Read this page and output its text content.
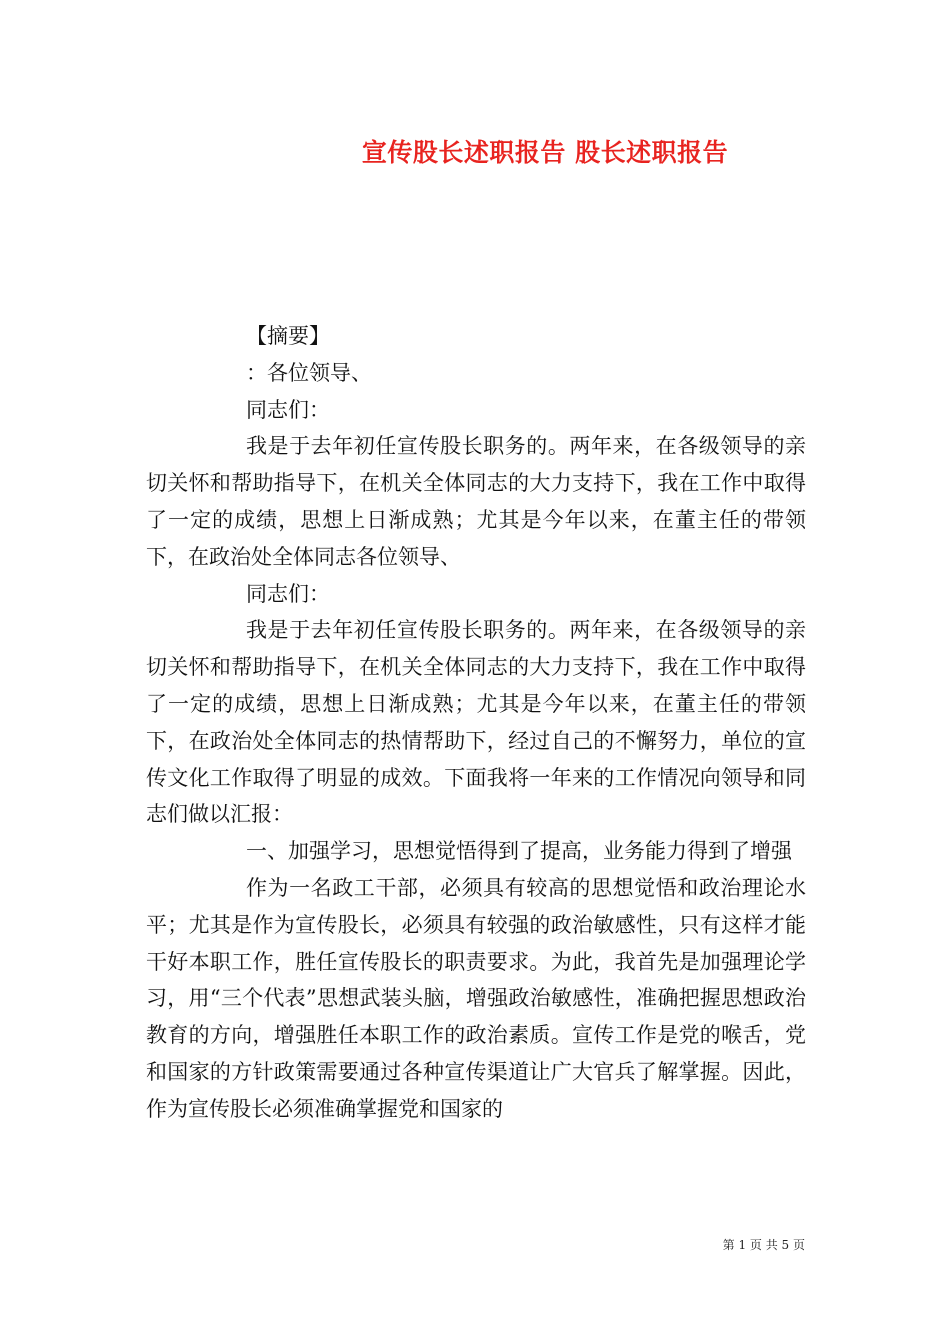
宣传股长述职报告 股长述职报告

【摘要】

：各位领导、

同志们：

我是于去年初任宣传股长职务的。两年来，在各级领导的亲切关怀和帮助指导下，在机关全体同志的大力支持下，我在工作中取得了一定的成绩，思想上日渐成熟；尤其是今年以来，在董主任的带领下，在政治处全体同志各位领导、

同志们：

我是于去年初任宣传股长职务的。两年来，在各级领导的亲切关怀和帮助指导下，在机关全体同志的大力支持下，我在工作中取得了一定的成绩，思想上日渐成熟；尤其是今年以来，在董主任的带领下，在政治处全体同志的热情帮助下，经过自己的不懈努力，单位的宣传文化工作取得了明显的成效。下面我将一年来的工作情况向领导和同志们做以汇报：

一、加强学习，思想觉悟得到了提高，业务能力得到了增强

作为一名政工干部，必须具有较高的思想觉悟和政治理论水平；尤其是作为宣传股长，必须具有较强的政治敏感性，只有这样才能干好本职工作，胜任宣传股长的职责要求。为此，我首先是加强理论学习，用“三个代表”思想武装头脑，增强政治敏感性，准确把握思想政治教育的方向，增强胜任本职工作的政治素质。宣传工作是党的喉舌，党和国家的方针政策需要通过各种宣传渠道让广大官兵了解掌握。因此，作为宣传股长必须准确掌握党和国家的

第 1 页 共 5 页
